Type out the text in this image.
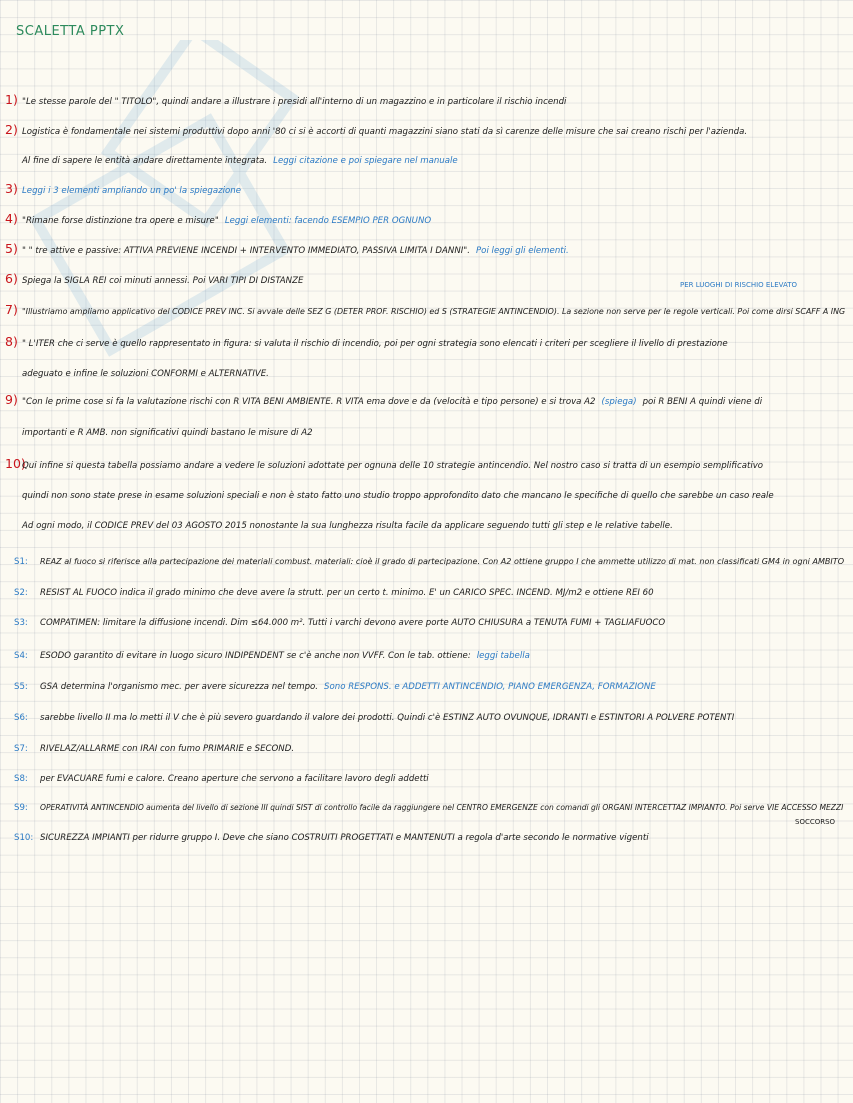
SCALETTA PPTX
1) "Le stesse parole del " TITOLO", quindi andare a illustrare i presidi all'interno di un magazzino e in particolare il rischio incendi
2) Logistica è fondamentale nei sistemi produttivi dopo anni '80 ci si è accorti di quanti magazzini siano stati da sì carenze delle misure che sai creano rischi per l'azienda.
Al fine di sapere le entità andare direttamente integrata. Leggi citazione e poi spiegare nel manuale
3) Leggi i 3 elementi ampliando un po' la spiegazione
4) "Rimane forse distinzione tra opere e misure" Leggi elementi: facendo ESEMPIO PER OGNUNO
5) " " tre attive e passive: ATTIVA PREVIENE INCENDI + INTERVENTO IMMEDIATO, PASSIVA LIMITA I DANNI". Poi leggi gli elementi.
6) Spiega la SIGLA REI coi minuti annessi. Poi VARI TIPI DI DISTANZE
7) "Illustriamo ampliamo applicativo del CODICE PREV INC. Si avvale delle SEZ G (DETER PROF. RISCHIO) ed S (STRATEGIE ANTINCENDIO). La sezione non serve per le regole verticali. Poi come dirsi SCAFF A ING
PER LUOGHI DI RISCHIO ELEVATO
8) " L'ITER che ci serve è quello rappresentato in figura: si valuta il rischio di incendio, poi per ogni strategia sono elencati i criteri per scegliere il livello di prestazione
adeguato e infine le soluzioni CONFORMI e ALTERNATIVE.
9) "Con le prime cose si fa la valutazione rischi con R VITA BENI AMBIENTE. R VITA ema dove e da (velocità e tipo persone) e si trova A2 (spiega) poi R BENI A quindi viene di
importanti e R AMB. non significativi quindi bastano le misure di A2
10)
Qui infine si questa tabella possiamo andare a vedere le soluzioni adottate per ognuna delle 10 strategie antincendio. Nel nostro caso si tratta di un esempio semplificativo
quindi non sono state prese in esame soluzioni speciali e non è stato fatto uno studio troppo approfondito dato che mancano le specifiche di quello che sarebbe un caso reale
Ad ogni modo, il CODICE PREV del 03 AGOSTO 2015 nonostante la sua lunghezza risulta facile da applicare seguendo tutti gli step e le relative tabelle.
S1: REAZ al fuoco si riferisce alla partecipazione dei materiali combust. materiali: cioè il grado di partecipazione. Con A2 ottiene gruppo I che ammette utilizzo di mat. non classificati GM4 in ogni AMBITO
S2: RESIST AL FUOCO indica il grado minimo che deve avere la strutt. per un certo t. minimo. E' un CARICO SPEC. INCEND. MJ/m2 e ottiene REI 60
S3: COMPATIMEN: limitare la diffusione incendi. Dim ≤64.000 m². Tutti i varchi devono avere porte AUTO CHIUSURA a TENUTA FUMI + TAGLIAFUOCO
S4: ESODO garantito di evitare in luogo sicuro INDIPENDENT se c'è anche non VVFF. Con le tab. ottiene: leggi tabella
S5: GSA determina l'organismo mec. per avere sicurezza nel tempo. Sono RESPONS. e ADDETTI ANTINCENDIO, PIANO EMERGENZA, FORMAZIONE
S6: sarebbe livello II ma lo metti il V che è più severo guardando il valore dei prodotti. Quindi c'è ESTINZ AUTO OVUNQUE, IDRANTI e ESTINTORI A POLVERE POTENTI
S7: RIVELAZ/ALLARME con IRAI con fumo PRIMARIE e SECOND.
S8: per EVACUARE fumi e calore. Creano aperture che servono a facilitare lavoro degli addetti
S9: OPERATIVITÀ ANTINCENDIO aumenta del livello di sezione III quindi SIST di controllo facile da raggiungere nel CENTRO EMERGENZE con comandi gli ORGANI INTERCETTAZ IMPIANTO. Poi serve VIE ACCESSO MEZZI
SOCCORSO
S10: SICUREZZA IMPIANTI per ridurre gruppo I. Deve che siano COSTRUITI PROGETTATI e MANTENUTI a regola d'arte secondo le normative vigenti
